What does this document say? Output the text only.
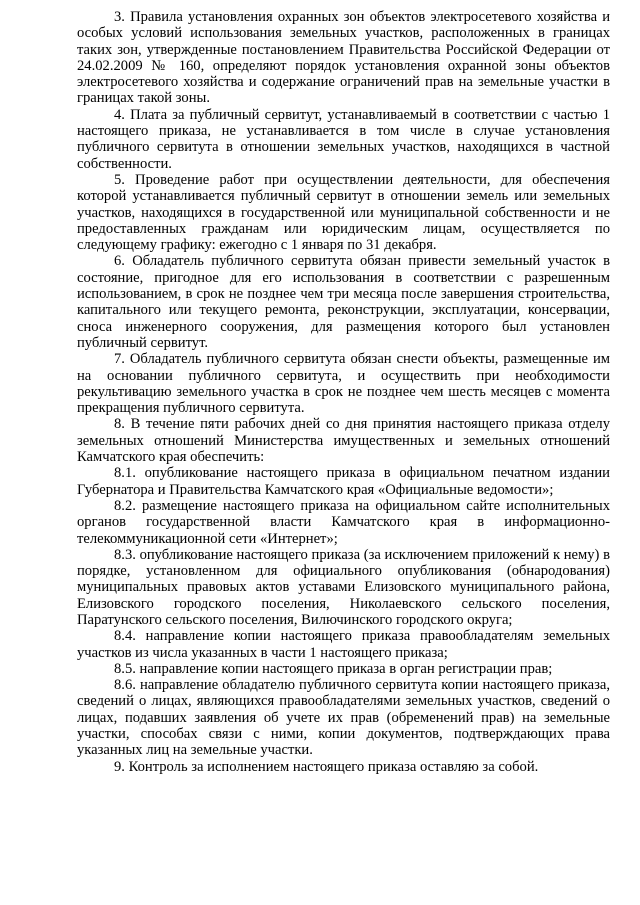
3. Правила установления охранных зон объектов электросетевого хозяйства и особых условий использования земельных участков, расположенных в границах таких зон, утвержденные постановлением Правительства Российской Федерации от 24.02.2009 № 160, определяют порядок установления охранной зоны объектов электросетевого хозяйства и содержание ограничений прав на земельные участки в границах такой зоны.

4. Плата за публичный сервитут, устанавливаемый в соответствии с частью 1 настоящего приказа, не устанавливается в том числе в случае установления публичного сервитута в отношении земельных участков, находящихся в частной собственности.

5. Проведение работ при осуществлении деятельности, для обеспечения которой устанавливается публичный сервитут в отношении земель или земельных участков, находящихся в государственной или муниципальной собственности и не предоставленных гражданам или юридическим лицам, осуществляется по следующему графику: ежегодно с 1 января по 31 декабря.

6. Обладатель публичного сервитута обязан привести земельный участок в состояние, пригодное для его использования в соответствии с разрешенным использованием, в срок не позднее чем три месяца после завершения строительства, капитального или текущего ремонта, реконструкции, эксплуатации, консервации, сноса инженерного сооружения, для размещения которого был установлен публичный сервитут.

7. Обладатель публичного сервитута обязан снести объекты, размещенные им на основании публичного сервитута, и осуществить при необходимости рекультивацию земельного участка в срок не позднее чем шесть месяцев с момента прекращения публичного сервитута.

8. В течение пяти рабочих дней со дня принятия настоящего приказа отделу земельных отношений Министерства имущественных и земельных отношений Камчатского края обеспечить:

8.1. опубликование настоящего приказа в официальном печатном издании Губернатора и Правительства Камчатского края «Официальные ведомости»;

8.2. размещение настоящего приказа на официальном сайте исполнительных органов государственной власти Камчатского края в информационно-телекоммуникационной сети «Интернет»;

8.3. опубликование настоящего приказа (за исключением приложений к нему) в порядке, установленном для официального опубликования (обнародования) муниципальных правовых актов уставами Елизовского муниципального района, Елизовского городского поселения, Николаевского сельского поселения, Паратунского сельского поселения, Вилючинского городского округа;

8.4. направление копии настоящего приказа правообладателям земельных участков из числа указанных в части 1 настоящего приказа;

8.5. направление копии настоящего приказа в орган регистрации прав;

8.6. направление обладателю публичного сервитута копии настоящего приказа, сведений о лицах, являющихся правообладателями земельных участков, сведений о лицах, подавших заявления об учете их прав (обременений прав) на земельные участки, способах связи с ними, копии документов, подтверждающих права указанных лиц на земельные участки.

9. Контроль за исполнением настоящего приказа оставляю за собой.
